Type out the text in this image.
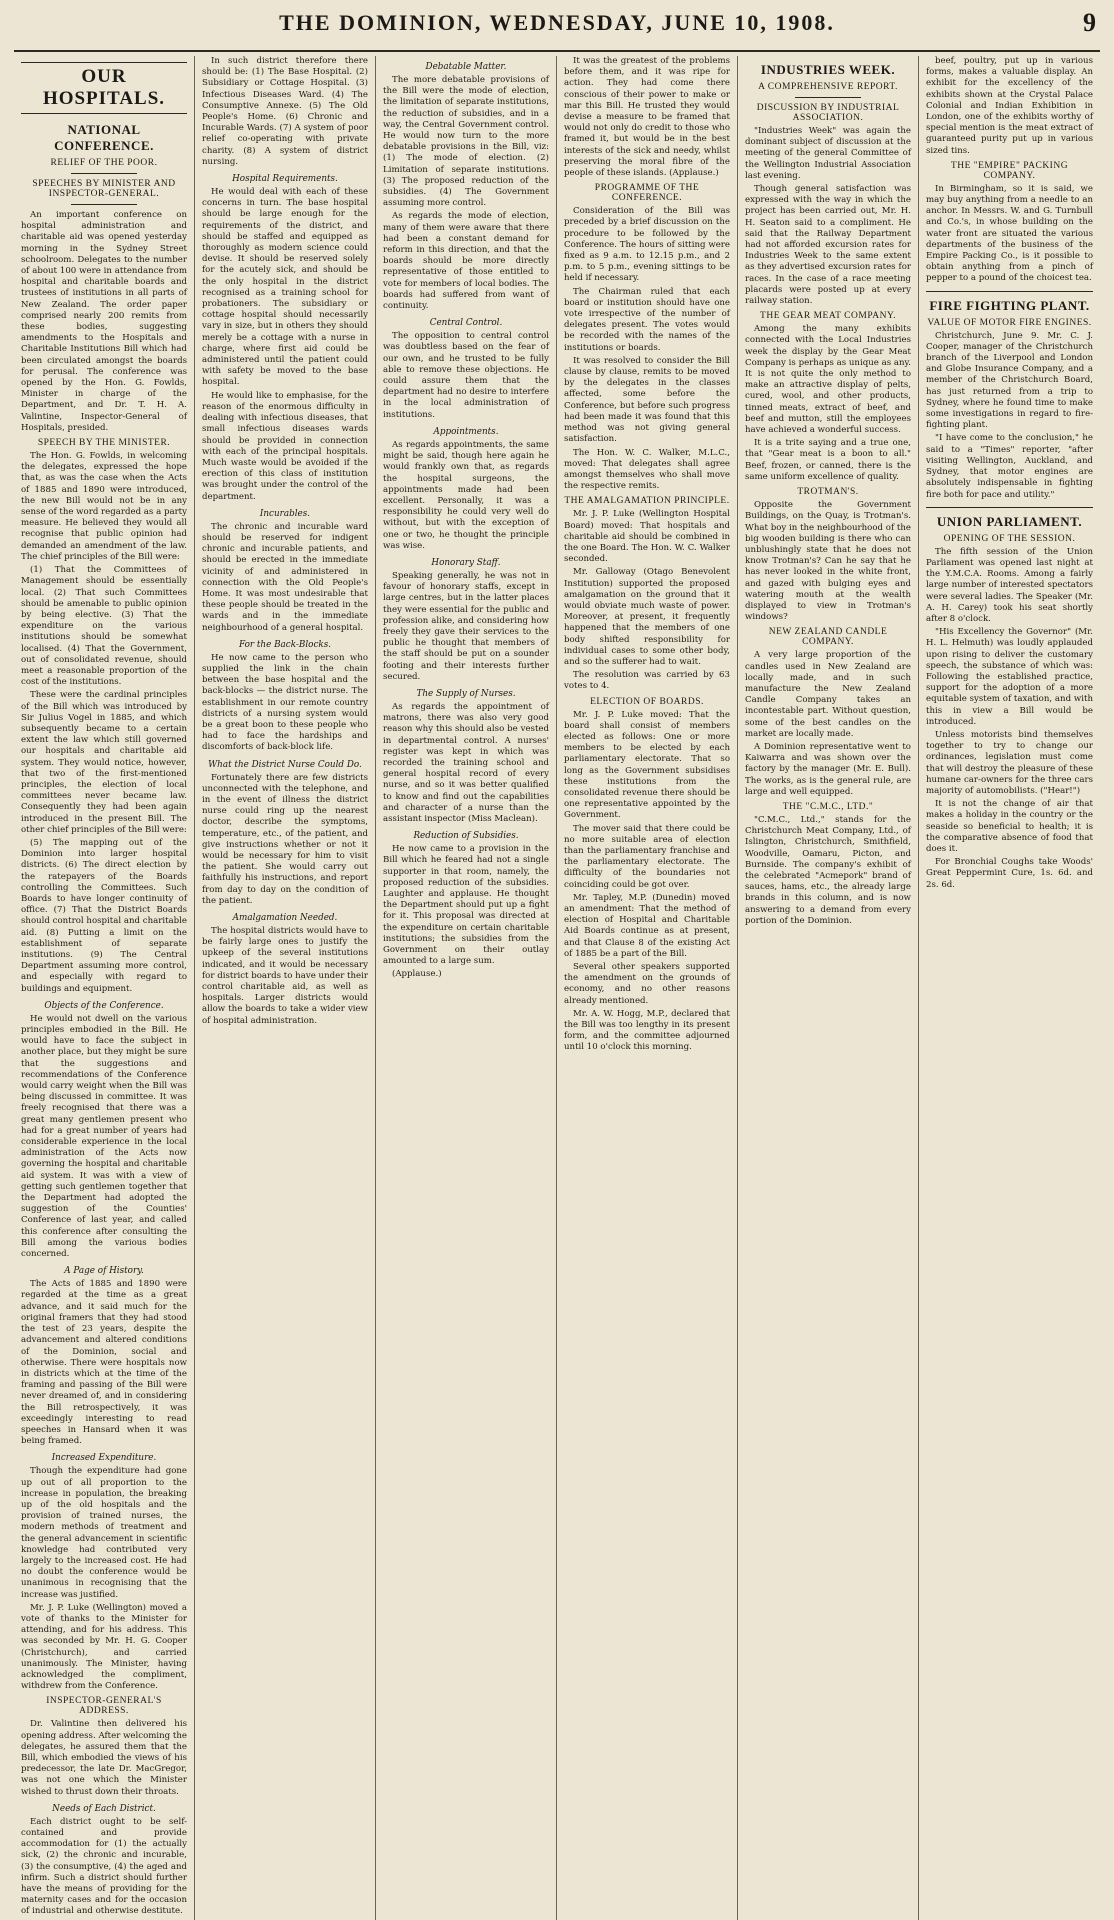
THE DOMINION, WEDNESDAY, JUNE 10, 1908.	9
OUR HOSPITALS.
NATIONAL CONFERENCE.
RELIEF OF THE POOR.
SPEECHES BY MINISTER AND INSPECTOR-GENERAL.

An important conference on hospital administration and charitable aid was opened yesterday morning in the Sydney Street schoolroom. Delegates to the number of about 100 were in attendance from hospital and charitable boards and trustees of institutions in all parts of New Zealand. The order paper comprised nearly 200 remits from these bodies, suggesting amendments to the Hospitals and Charitable Institutions Bill which had been circulated amongst the boards for perusal. The conference was opened by the Hon. G. Fowlds, Minister in charge of the Department, and Dr. T. H. A. Valintine, Inspector-General of Hospitals, presided.

SPEECH BY THE MINISTER.

The Hon. G. Fowlds, in welcoming the delegates, expressed the hope that, as was the case when the Acts of 1885 and 1890 were introduced, the new Bill would not be in any sense of the word regarded as a party measure. He believed they would all recognise that public opinion had demanded an amendment of the law. The chief principles of the Bill were:

(1) That the Committees of Management should be essentially local. (2) That such Committees should be amenable to public opinion by being elective. (3) That the expenditure on the various institutions should be somewhat localised. (4) That the Government, out of consolidated revenue, should meet a reasonable proportion of the cost of the institutions.

These were the cardinal principles of the Bill which was introduced by Sir Julius Vogel in 1885, and which subsequently became to a certain extent the law which still governed our hospitals and charitable aid system. They would notice, however, that two of the first-mentioned principles, the election of local committees never became law. Consequently they had been again introduced in the present Bill. The other chief principles of the Bill were:

(5) The mapping out of the Dominion into larger hospital districts. (6) The direct election by the ratepayers of the Boards controlling the Committees. Such Boards to have longer continuity of office. (7) That the District Boards should control hospital and charitable aid. (8) Putting a limit on the establishment of separate institutions. (9) The Central Department assuming more control, and especially with regard to buildings and equipment.

Objects of the Conference.

He would not dwell on the various principles embodied in the Bill. He would have to face the subject in another place, but they might be sure that the suggestions and recommendations of the Conference would carry weight when the Bill was being discussed in committee. It was freely recognised that there was a great many gentlemen present who had for a great number of years had considerable experience in the local administration of the Acts now governing the hospital and charitable aid system. It was with a view of getting such gentlemen together that the Department had adopted the suggestion of the Counties' Conference of last year, and called this conference after consulting the Bill among the various bodies concerned.

A Page of History.

The Acts of 1885 and 1890 were regarded at the time as a great advance, and it said much for the original framers that they had stood the test of 23 years, despite the advancement and altered conditions of the Dominion, social and otherwise. There were hospitals now in districts which at the time of the framing and passing of the Bill were never dreamed of, and in considering the Bill retrospectively, it was exceedingly interesting to read speeches in Hansard when it was being framed.

Increased Expenditure.

Though the expenditure had gone up out of all proportion to the increase in population, the breaking up of the old hospitals and the provision of trained nurses, the modern methods of treatment and the general advancement in scientific knowledge had contributed very largely to the increased cost. He had no doubt the conference would be unanimous in recognising that the increase was justified.

Mr. J. P. Luke (Wellington) moved a vote of thanks to the Minister for attending, and for his address. This was seconded by Mr. H. G. Cooper (Christchurch), and carried unanimously. The Minister, having acknowledged the compliment, withdrew from the Conference.

INSPECTOR-GENERAL'S ADDRESS.

Dr. Valintine then delivered his opening address. After welcoming the delegates, he assured them that the Bill, which embodied the views of his predecessor, the late Dr. MacGregor, was not one which the Minister wished to thrust down their throats.

Needs of Each District.

Each district ought to be self-contained and provide accommodation for (1) the actually sick, (2) the chronic and incurable, (3) the consumptive, (4) the aged and infirm. Such a district should further have the means of providing for the maternity cases and for the occasion of industrial and otherwise destitute.

In such district therefore there should be: (1) The Base Hospital. (2) Subsidiary or Cottage Hospital. (3) Infectious Diseases Ward. (4) The Consumptive Annexe. (5) The Old People's Home. (6) Chronic and Incurable Wards. (7) A system of poor relief co-operating with private charity. (8) A system of district nursing.

Hospital Requirements.

He would deal with each of these concerns in turn. The base hospital should be large enough for the requirements of the district, and should be staffed and equipped as thoroughly as modern science could devise. It should be reserved solely for the acutely sick, and should be the only hospital in the district recognised as a training school for probationers. The subsidiary or cottage hospital should necessarily vary in size, but in others they should merely be a cottage with a nurse in charge, where first aid could be administered until the patient could with safety be moved to the base hospital.

He would like to emphasise, for the reason of the enormous difficulty in dealing with infectious diseases, that small infectious diseases wards should be provided in connection with each of the principal hospitals. Much waste would be avoided if the erection of this class of institution was brought under the control of the department.

Incurables.

The chronic and incurable ward should be reserved for indigent chronic and incurable patients, and should be erected in the immediate vicinity of and administered in connection with the Old People's Home. It was most undesirable that these people should be treated in the wards and in the immediate neighbourhood of a general hospital.

For the Back-Blocks.

He now came to the person who supplied the link in the chain between the base hospital and the back-blocks — the district nurse. The establishment in our remote country districts of a nursing system would be a great boon to these people who had to face the hardships and discomforts of back-block life.

What the District Nurse Could Do.

Fortunately there are few districts unconnected with the telephone, and in the event of illness the district nurse could ring up the nearest doctor, describe the symptoms, temperature, etc., of the patient, and give instructions whether or not it would be necessary for him to visit the patient. She would carry out faithfully his instructions, and report from day to day on the condition of the patient.

Amalgamation Needed.

The hospital districts would have to be fairly large ones to justify the upkeep of the several institutions indicated, and it would be necessary for district boards to have under their control charitable aid, as well as hospitals. Larger districts would allow the boards to take a wider view of hospital administration.

Debatable Matter.

The more debatable provisions of the Bill were the mode of election, the limitation of separate institutions, the reduction of subsidies, and in a way, the Central Government control. He would now turn to the more debatable provisions in the Bill, viz: (1) The mode of election. (2) Limitation of separate institutions. (3) The proposed reduction of the subsidies. (4) The Government assuming more control.

As regards the mode of election, many of them were aware that there had been a constant demand for reform in this direction, and that the boards should be more directly representative of those entitled to vote for members of local bodies. The boards had suffered from want of continuity.

Central Control.

The opposition to central control was doubtless based on the fear of our own, and he trusted to be fully able to remove these objections. He could assure them that the department had no desire to interfere in the local administration of institutions.

Appointments.

As regards appointments, the same might be said, though here again he would frankly own that, as regards the hospital surgeons, the appointments made had been excellent. Personally, it was a responsibility he could very well do without, but with the exception of one or two, he thought the principle was wise.

Honorary Staff.

Speaking generally, he was not in favour of honorary staffs, except in large centres, but in the latter places they were essential for the public and profession alike, and considering how freely they gave their services to the public he thought that members of the staff should be put on a sounder footing and their interests further secured.

The Supply of Nurses.

As regards the appointment of matrons, there was also very good reason why this should also be vested in departmental control. A nurses' register was kept in which was recorded the training school and general hospital record of every nurse, and so it was better qualified to know and find out the capabilities and character of a nurse than the assistant inspector (Miss Maclean).

Reduction of Subsidies.

He now came to a provision in the Bill which he feared had not a single supporter in that room, namely, the proposed reduction of the subsidies. Laughter and applause. He thought the Department should put up a fight for it. This proposal was directed at the expenditure on certain charitable institutions; the subsidies from the Government on their outlay amounted to a large sum.

(Applause.)

It was the greatest of the problems before them, and it was ripe for action. They had come there conscious of their power to make or mar this Bill. He trusted they would devise a measure to be framed that would not only do credit to those who framed it, but would be in the best interests of the sick and needy, whilst preserving the moral fibre of the people of these islands. (Applause.)

PROGRAMME OF THE CONFERENCE.

Consideration of the Bill was preceded by a brief discussion on the procedure to be followed by the Conference. The hours of sitting were fixed as 9 a.m. to 12.15 p.m., and 2 p.m. to 5 p.m., evening sittings to be held if necessary.

The Chairman ruled that each board or institution should have one vote irrespective of the number of delegates present. The votes would be recorded with the names of the institutions or boards.

It was resolved to consider the Bill clause by clause, remits to be moved by the delegates in the classes affected, some before the Conference, but before such progress had been made it was found that this method was not giving general satisfaction.

The Hon. W. C. Walker, M.L.C., moved: That delegates shall agree amongst themselves who shall move the respective remits.

THE AMALGAMATION PRINCIPLE.

Mr. J. P. Luke (Wellington Hospital Board) moved: That hospitals and charitable aid should be combined in the one Board. The Hon. W. C. Walker seconded.

Mr. Galloway (Otago Benevolent Institution) supported the proposed amalgamation on the ground that it would obviate much waste of power. Moreover, at present, it frequently happened that the members of one body shifted responsibility for individual cases to some other body, and so the sufferer had to wait.

The resolution was carried by 63 votes to 4.

ELECTION OF BOARDS.

Mr. J. P. Luke moved: That the board shall consist of members elected as follows: One or more members to be elected by each parliamentary electorate. That so long as the Government subsidises these institutions from the consolidated revenue there should be one representative appointed by the Government.

The mover said that there could be no more suitable area of election than the parliamentary franchise and the parliamentary electorate. The difficulty of the boundaries not coinciding could be got over.

Mr. Tapley, M.P. (Dunedin) moved an amendment: That the method of election of Hospital and Charitable Aid Boards continue as at present, and that Clause 8 of the existing Act of 1885 be a part of the Bill.

Several other speakers supported the amendment on the grounds of economy, and no other reasons already mentioned.

Mr. A. W. Hogg, M.P., declared that the Bill was too lengthy in its present form, and the committee adjourned until 10 o'clock this morning.

INDUSTRIES WEEK.
A COMPREHENSIVE REPORT.
DISCUSSION BY INDUSTRIAL ASSOCIATION.

"Industries Week" was again the dominant subject of discussion at the meeting of the general Committee of the Wellington Industrial Association last evening.

Though general satisfaction was expressed with the way in which the project has been carried out, Mr. H. H. Seaton said to a compliment. He said that the Railway Department had not afforded excursion rates for Industries Week to the same extent as they advertised excursion rates for races. In the case of a race meeting placards were posted up at every railway station.

THE GEAR MEAT COMPANY.

Among the many exhibits connected with the Local Industries week the display by the Gear Meat Company is perhaps as unique as any. It is not quite the only method to make an attractive display of pelts, cured, wool, and other products, tinned meats, extract of beef, and beef and mutton, still the employees have achieved a wonderful success.

It is a trite saying and a true one, that "Gear meat is a boon to all." Beef, frozen, or canned, there is the same uniform excellence of quality.

TROTMAN'S.

Opposite the Government Buildings, on the Quay, is Trotman's. What boy in the neighbourhood of the big wooden building is there who can unblushingly state that he does not know Trotman's? Can he say that he has never looked in the white front, and gazed with bulging eyes and watering mouth at the wealth displayed to view in Trotman's windows?

NEW ZEALAND CANDLE COMPANY.

A very large proportion of the candles used in New Zealand are locally made, and in such manufacture the New Zealand Candle Company takes an incontestable part. Without question, some of the best candles on the market are locally made.

A Dominion representative went to Kaiwarra and was shown over the factory by the manager (Mr. E. Bull). The works, as is the general rule, are large and well equipped.

THE "C.M.C., LTD."

"C.M.C., Ltd.," stands for the Christchurch Meat Company, Ltd., of Islington, Christchurch, Smithfield, Woodville, Oamaru, Picton, and Burnside. The company's exhibit of the celebrated "Acmepork" brand of sauces, hams, etc., the already large brands in this column, and is now answering to a demand from every portion of the Dominion.

beef, poultry, put up in various forms, makes a valuable display. An exhibit for the excellency of the exhibits shown at the Crystal Palace Colonial and Indian Exhibition in London, one of the exhibits worthy of special mention is the meat extract of guaranteed purity put up in various sized tins.

THE "EMPIRE" PACKING COMPANY.

In Birmingham, so it is said, we may buy anything from a needle to an anchor. In Messrs. W. and G. Turnbull and Co.'s, in whose building on the water front are situated the various departments of the business of the Empire Packing Co., is it possible to obtain anything from a pinch of pepper to a pound of the choicest tea.

FIRE FIGHTING PLANT.
VALUE OF MOTOR FIRE ENGINES.

Christchurch, June 9. Mr. C. J. Cooper, manager of the Christchurch branch of the Liverpool and London and Globe Insurance Company, and a member of the Christchurch Board, has just returned from a trip to Sydney, where he found time to make some investigations in regard to fire-fighting plant.

"I have come to the conclusion," he said to a "Times" reporter, "after visiting Wellington, Auckland, and Sydney, that motor engines are absolutely indispensable in fighting fire both for pace and utility."

UNION PARLIAMENT.
OPENING OF THE SESSION.

The fifth session of the Union Parliament was opened last night at the Y.M.C.A. Rooms. Among a fairly large number of interested spectators were several ladies. The Speaker (Mr. A. H. Carey) took his seat shortly after 8 o'clock.

"His Excellency the Governor" (Mr. H. L. Helmuth) was loudly applauded upon rising to deliver the customary speech, the substance of which was: Following the established practice, support for the adoption of a more equitable system of taxation, and with this in view a Bill would be introduced.

Unless motorists bind themselves together to try to change our ordinances, legislation must come that will destroy the pleasure of these humane car-owners for the three cars majority of automobilists. ("Hear!")

It is not the change of air that makes a holiday in the country or the seaside so beneficial to health; it is the comparative absence of food that does it.

For Bronchial Coughs take Woods' Great Peppermint Cure, 1s. 6d. and 2s. 6d.
